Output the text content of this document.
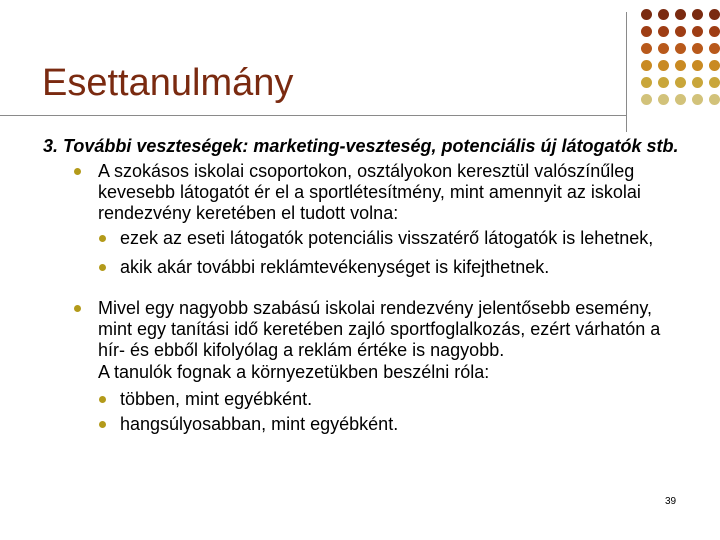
Esettanulmány
3. További veszteségek: marketing-veszteség, potenciális új látogatók stb.
A szokásos iskolai csoportokon, osztályokon keresztül valószínűleg kevesebb látogatót ér el a sportlétesítmény, mint amennyit az iskolai rendezvény keretében el tudott volna:
ezek az eseti látogatók potenciális visszatérő látogatók is lehetnek,
akik akár további reklámtevékenységet is kifejthetnek.
Mivel egy nagyobb szabású iskolai rendezvény jelentősebb esemény, mint egy tanítási idő keretében zajló sportfoglalkozás, ezért várhatón a hír- és ebből kifolyólag a reklám értéke is nagyobb.
A tanulók fognak a környezetükben beszélni róla:
többen, mint egyébként.
hangsúlyosabban, mint egyébként.
39
